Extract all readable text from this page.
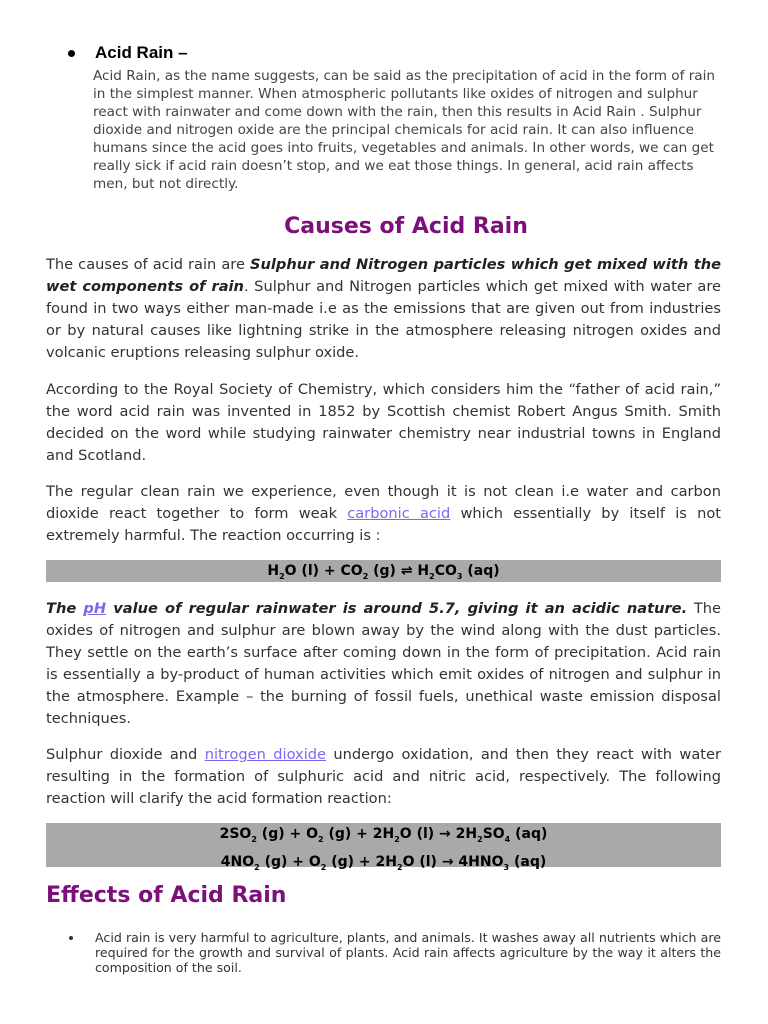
Acid Rain –

Acid Rain, as the name suggests, can be said as the precipitation of acid in the form of rain in the simplest manner. When atmospheric pollutants like oxides of nitrogen and sulphur react with rainwater and come down with the rain, then this results in Acid Rain . Sulphur dioxide and nitrogen oxide are the principal chemicals for acid rain. It can also influence humans since the acid goes into fruits, vegetables and animals. In other words, we can get really sick if acid rain doesn’t stop, and we eat those things. In general, acid rain affects men, but not directly.

Causes of Acid Rain

The causes of acid rain are Sulphur and Nitrogen particles which get mixed with the wet components of rain. Sulphur and Nitrogen particles which get mixed with water are found in two ways either man-made i.e as the emissions that are given out from industries or by natural causes like lightning strike in the atmosphere releasing nitrogen oxides and volcanic eruptions releasing sulphur oxide.

According to the Royal Society of Chemistry, which considers him the “father of acid rain,” the word acid rain was invented in 1852 by Scottish chemist Robert Angus Smith. Smith decided on the word while studying rainwater chemistry near industrial towns in England and Scotland.

The regular clean rain we experience, even though it is not clean i.e water and carbon dioxide react together to form weak carbonic acid which essentially by itself is not extremely harmful. The reaction occurring is :

$H_2O$ $(l) + CO_2$ (g) ⇌ $H_2CO_3$ (aq)

The pH value of regular rainwater is around 5.7, giving it an acidic nature. The oxides of nitrogen and sulphur are blown away by the wind along with the dust particles. They settle on the earth’s surface after coming down in the form of precipitation. Acid rain is essentially a by-product of human activities which emit oxides of nitrogen and sulphur in the atmosphere. Example – the burning of fossil fuels, unethical waste emission disposal techniques.

Sulphur dioxide and nitrogen dioxide undergo oxidation, and then they react with water resulting in the formation of sulphuric acid and nitric acid, respectively. The following reaction will clarify the acid formation reaction:

$2SO_2$ $(g) + O_2$ $(g) + 2H_2O$ $(l) \to 2H_2SO_4$ (aq)
$4NO_2$ $(g) + O_2$ $(g) + 2H_2O$ $(l) \to 4HNO_3$ (aq)
Effects of Acid Rain
Acid rain is very harmful to agriculture, plants, and animals. It washes away all nutrients which are required for the growth and survival of plants. Acid rain affects agriculture by the way it alters the composition of the soil.
